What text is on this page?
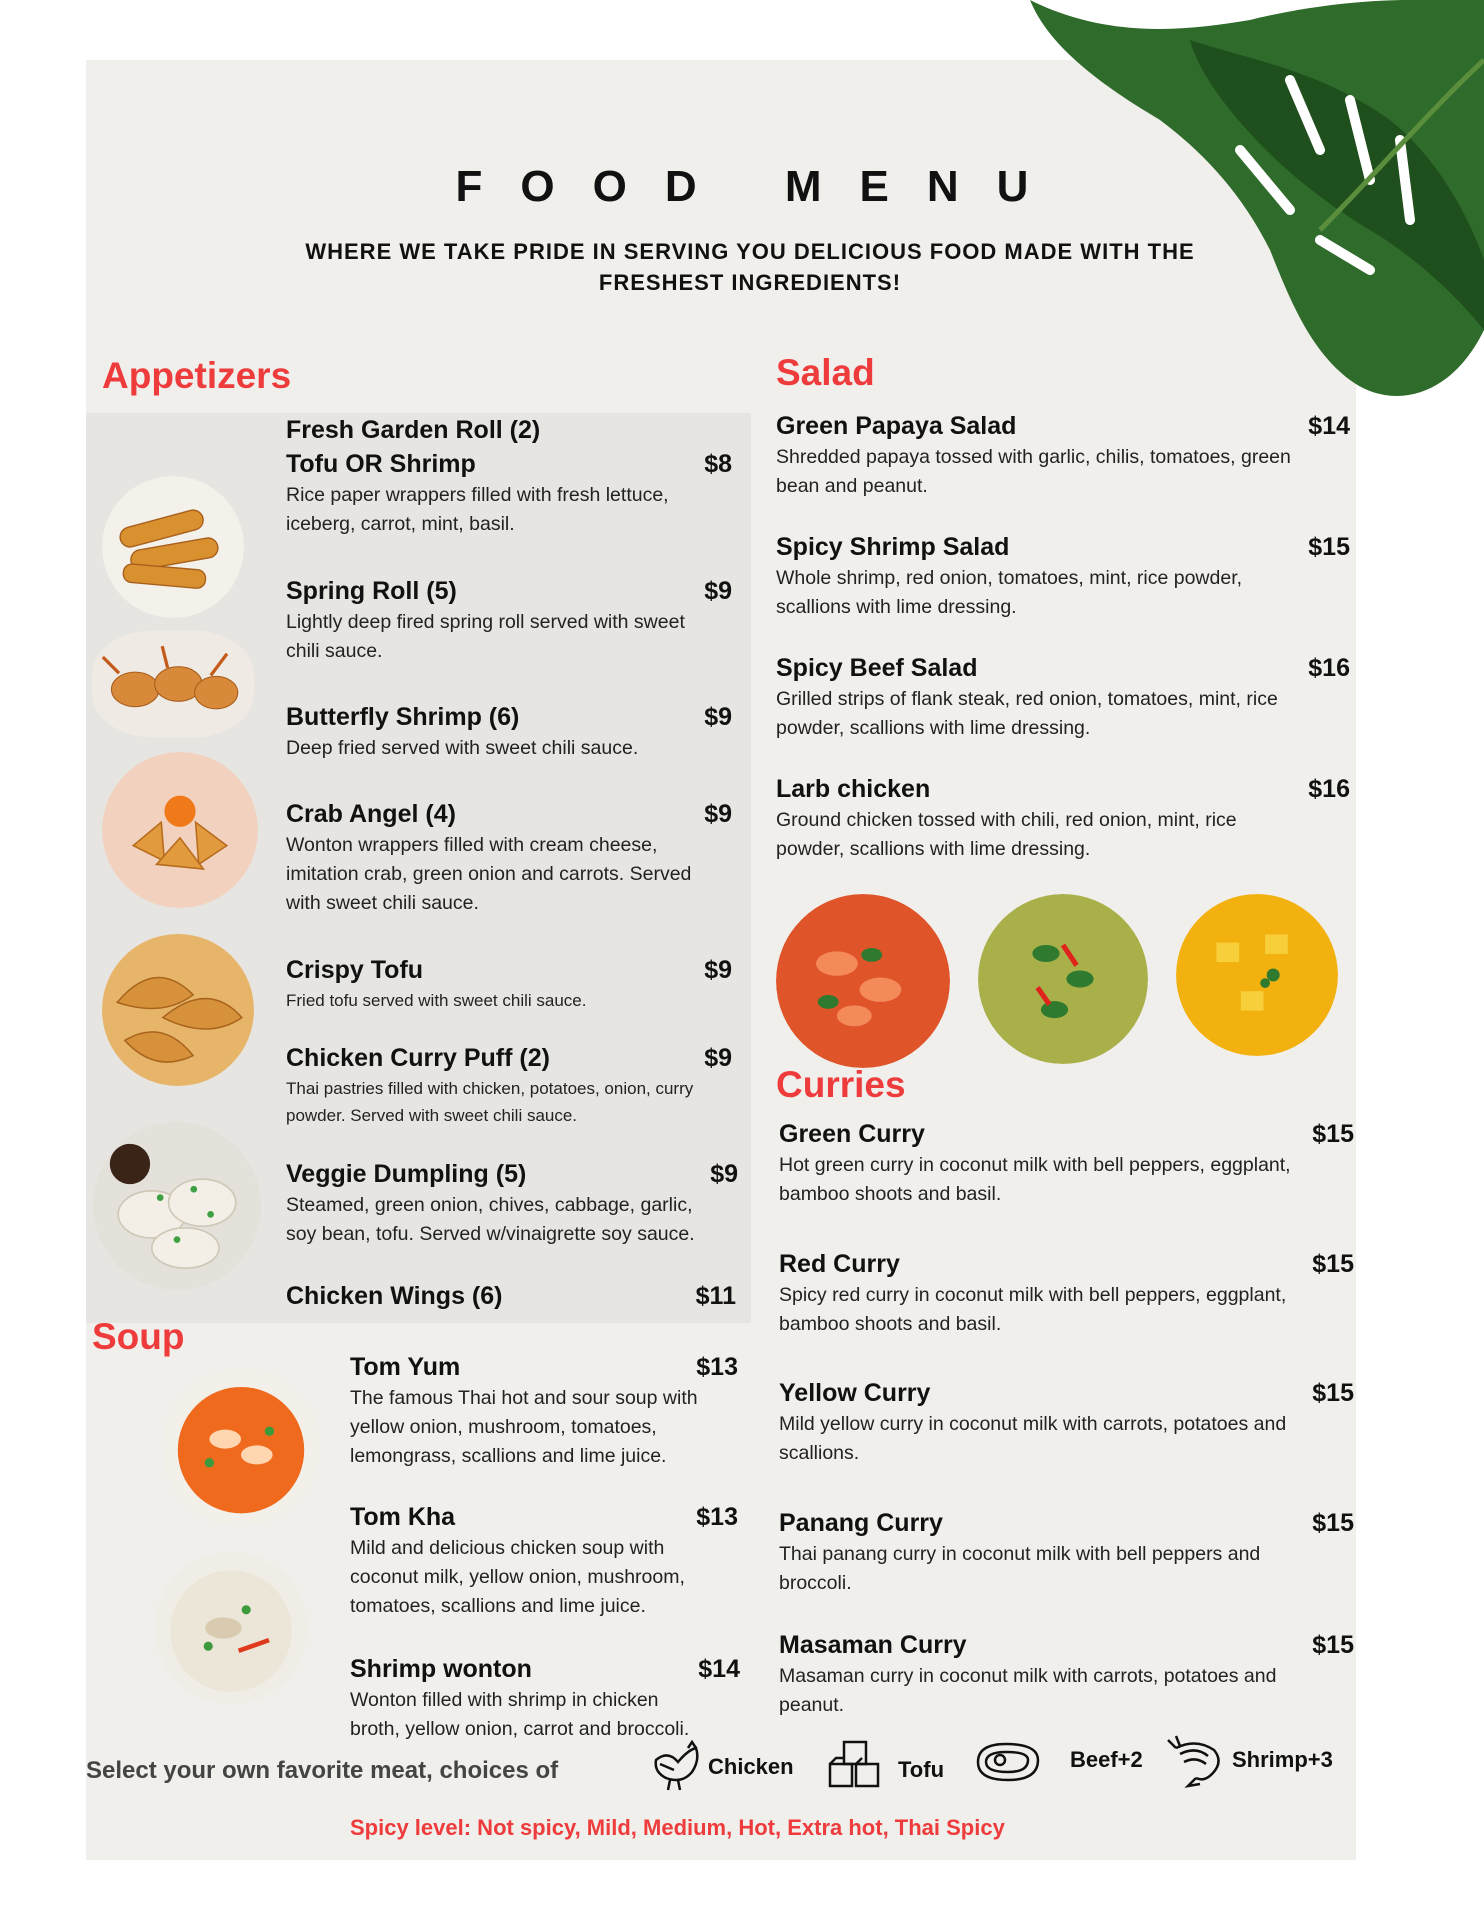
FOOD MENU
WHERE WE TAKE PRIDE IN SERVING YOU DELICIOUS FOOD MADE WITH THE
FRESHEST INGREDIENTS!
Appetizers
Fresh Garden Roll (2)
Tofu OR Shrimp	$8
Rice paper wrappers filled with fresh lettuce,
iceberg, carrot, mint, basil.
Spring Roll (5)	$9
Lightly deep fired spring roll served with sweet
chili sauce.
Butterfly Shrimp (6)	$9
Deep fried served with sweet chili sauce.
Crab Angel (4)	$9
Wonton wrappers filled with cream cheese,
imitation crab, green onion and carrots. Served
with sweet chili sauce.
Crispy Tofu	$9
Fried tofu served with sweet chili sauce.
Chicken Curry Puff (2)	$9
Thai pastries filled with chicken, potatoes, onion, curry
powder. Served with sweet chili sauce.
Veggie Dumpling (5)	$9
Steamed, green onion, chives, cabbage, garlic,
soy bean, tofu. Served w/vinaigrette soy sauce.
Chicken Wings (6)	$11
Soup
Tom Yum	$13
The famous Thai hot and sour soup with
yellow onion, mushroom, tomatoes,
lemongrass, scallions and lime juice.
Tom Kha	$13
Mild and delicious chicken soup with
coconut milk, yellow onion, mushroom,
tomatoes, scallions and lime juice.
Shrimp wonton	$14
Wonton filled with shrimp in chicken
broth, yellow onion, carrot and broccoli.
Salad
Green Papaya Salad	$14
Shredded papaya tossed with garlic, chilis, tomatoes, green
bean and peanut.
Spicy Shrimp Salad	$15
Whole shrimp, red onion, tomatoes, mint, rice powder,
scallions with lime dressing.
Spicy Beef Salad	$16
Grilled strips of flank steak, red onion, tomatoes, mint, rice
powder, scallions with lime dressing.
Larb chicken	$16
Ground chicken tossed with chili, red onion, mint, rice
powder, scallions with lime dressing.
Curries
Green Curry	$15
Hot green curry in coconut milk with bell peppers, eggplant,
bamboo shoots and basil.
Red Curry	$15
Spicy red curry in coconut milk with bell peppers, eggplant,
bamboo shoots and basil.
Yellow Curry	$15
Mild yellow curry in coconut milk with carrots, potatoes and
scallions.
Panang Curry	$15
Thai panang curry in coconut milk with bell peppers and
broccoli.
Masaman Curry	$15
Masaman curry in coconut milk with carrots, potatoes and
peanut.
Select your own favorite meat, choices of	Chicken	Tofu	Beef+2	Shrimp+3
Spicy level: Not spicy, Mild, Medium, Hot, Extra hot, Thai Spicy
